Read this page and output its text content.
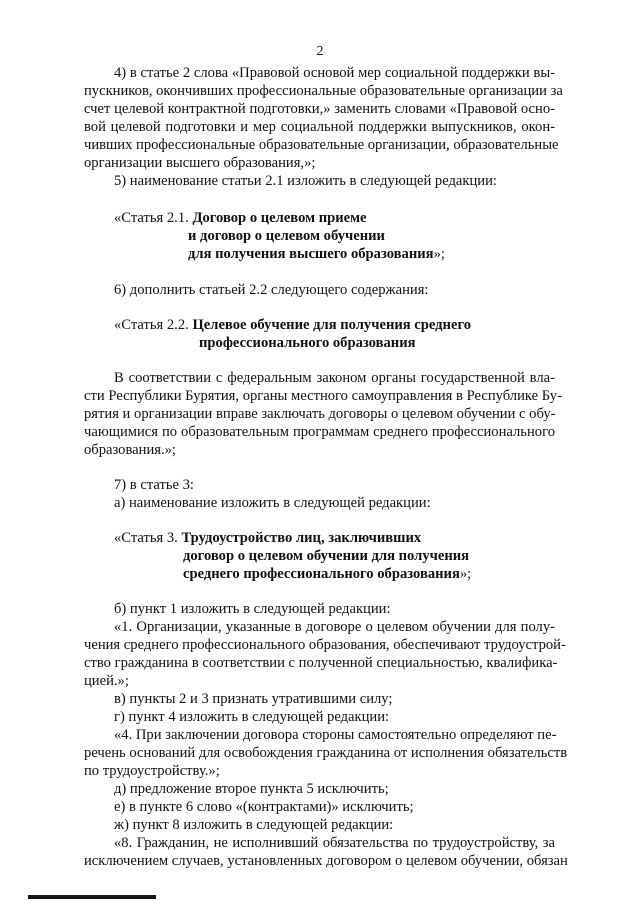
2
4) в статье 2 слова «Правовой основой мер социальной поддержки вы-
пускников, окончивших профессиональные образовательные организации за
счет целевой контрактной подготовки,» заменить словами «Правовой осно-
вой целевой подготовки и мер социальной поддержки выпускников, окон-
чивших профессиональные образовательные организации, образовательные
организации высшего образования,»;
5) наименование статьи 2.1 изложить в следующей редакции:
«Статья 2.1. Договор о целевом приеме
и договор о целевом обучении
для получения высшего образования»;
6) дополнить статьей 2.2 следующего содержания:
«Статья 2.2. Целевое обучение для получения среднего
профессионального образования
В соответствии с федеральным законом органы государственной вла-
сти Республики Бурятия, органы местного самоуправления в Республике Бу-
рятия и организации вправе заключать договоры о целевом обучении с обу-
чающимися по образовательным программам среднего профессионального
образования.»;
7) в статье 3:
а) наименование изложить в следующей редакции:
«Статья 3. Трудоустройство лиц, заключивших
договор о целевом обучении для получения
среднего профессионального образования»;
б) пункт 1 изложить в следующей редакции:
«1. Организации, указанные в договоре о целевом обучении для полу-
чения среднего профессионального образования, обеспечивают трудоустрой-
ство гражданина в соответствии с полученной специальностью, квалифика-
цией.»;
в) пункты 2 и 3 признать утратившими силу;
г) пункт 4 изложить в следующей редакции:
«4. При заключении договора стороны самостоятельно определяют пе-
речень оснований для освобождения гражданина от исполнения обязательств
по трудоустройству.»;
д) предложение второе пункта 5 исключить;
е) в пункте 6 слово «(контрактами)» исключить;
ж) пункт 8 изложить в следующей редакции:
«8. Гражданин, не исполнивший обязательства по трудоустройству, за
исключением случаев, установленных договором о целевом обучении, обязан
